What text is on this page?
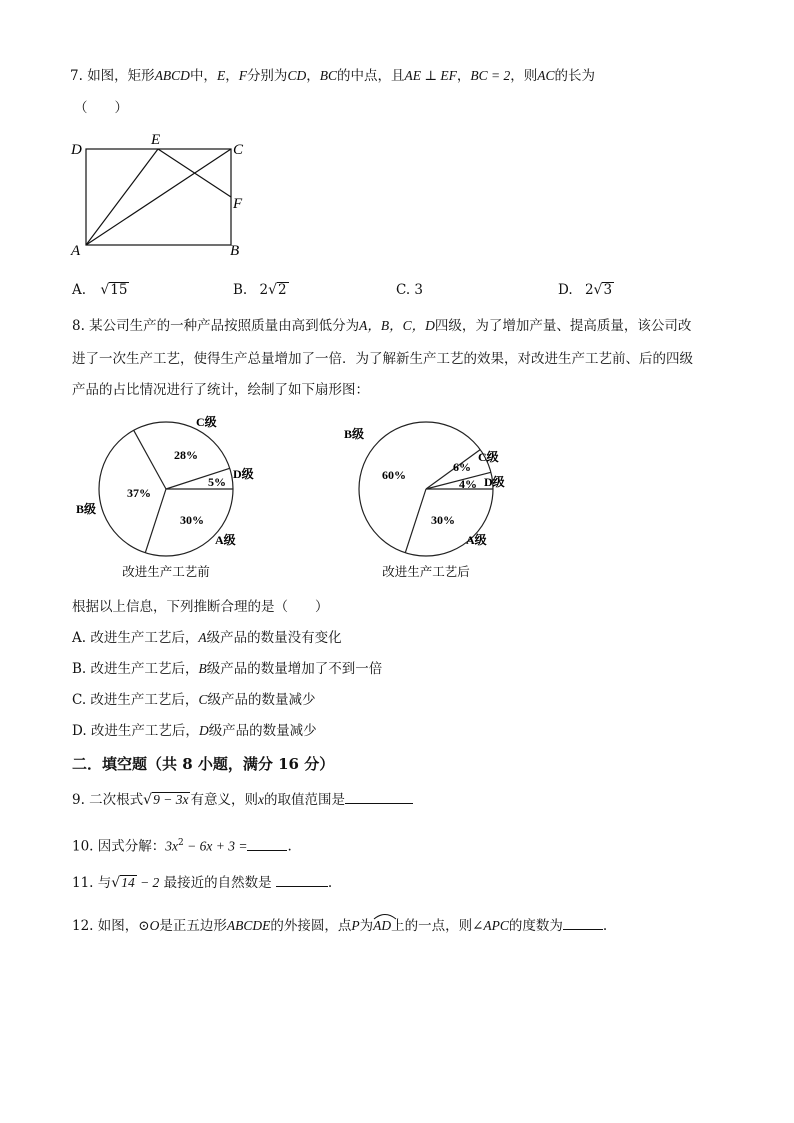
7. 如图，矩形ABCD中，E，F分别为CD，BC的中点，且AE ⊥ EF，BC = 2，则AC的长为
（　　）
D
E
C
F
A	B
A. √15	B. 2√2	C. 3	D. 2√3
8. 某公司生产的一种产品按照质量由高到低分为A，B，C，D四级，为了增加产量、提高质量，该公司改
进了一次生产工艺，使得生产总量增加了一倍．为了解新生产工艺的效果，对改进生产工艺前、后的四级
产品的占比情况进行了统计，绘制了如下扇形图：
30%
A级
37%
B级
28%
C级
5%
D级
改进生产工艺前
30%
A级
60%
B级
6%
C级
4% D级
改进生产工艺后
根据以上信息，下列推断合理的是（　　）
A. 改进生产工艺后，A级产品的数量没有变化
B. 改进生产工艺后，B级产品的数量增加了不到一倍
C. 改进生产工艺后，C级产品的数量减少
D. 改进生产工艺后，D级产品的数量减少
二．填空题（共 8 小题，满分 16 分）
9. 二次根式√9 − 3x 有意义，则x的取值范围是
10. 因式分解：$3x^2 - 6x + 3$ =	.
11. 与√14 − 2 最接近的自然数是	.
12. 如图，⊙O是正五边形ABCDE的外接圆，点P为
AD上的一点，则∠APC的度数为	.
